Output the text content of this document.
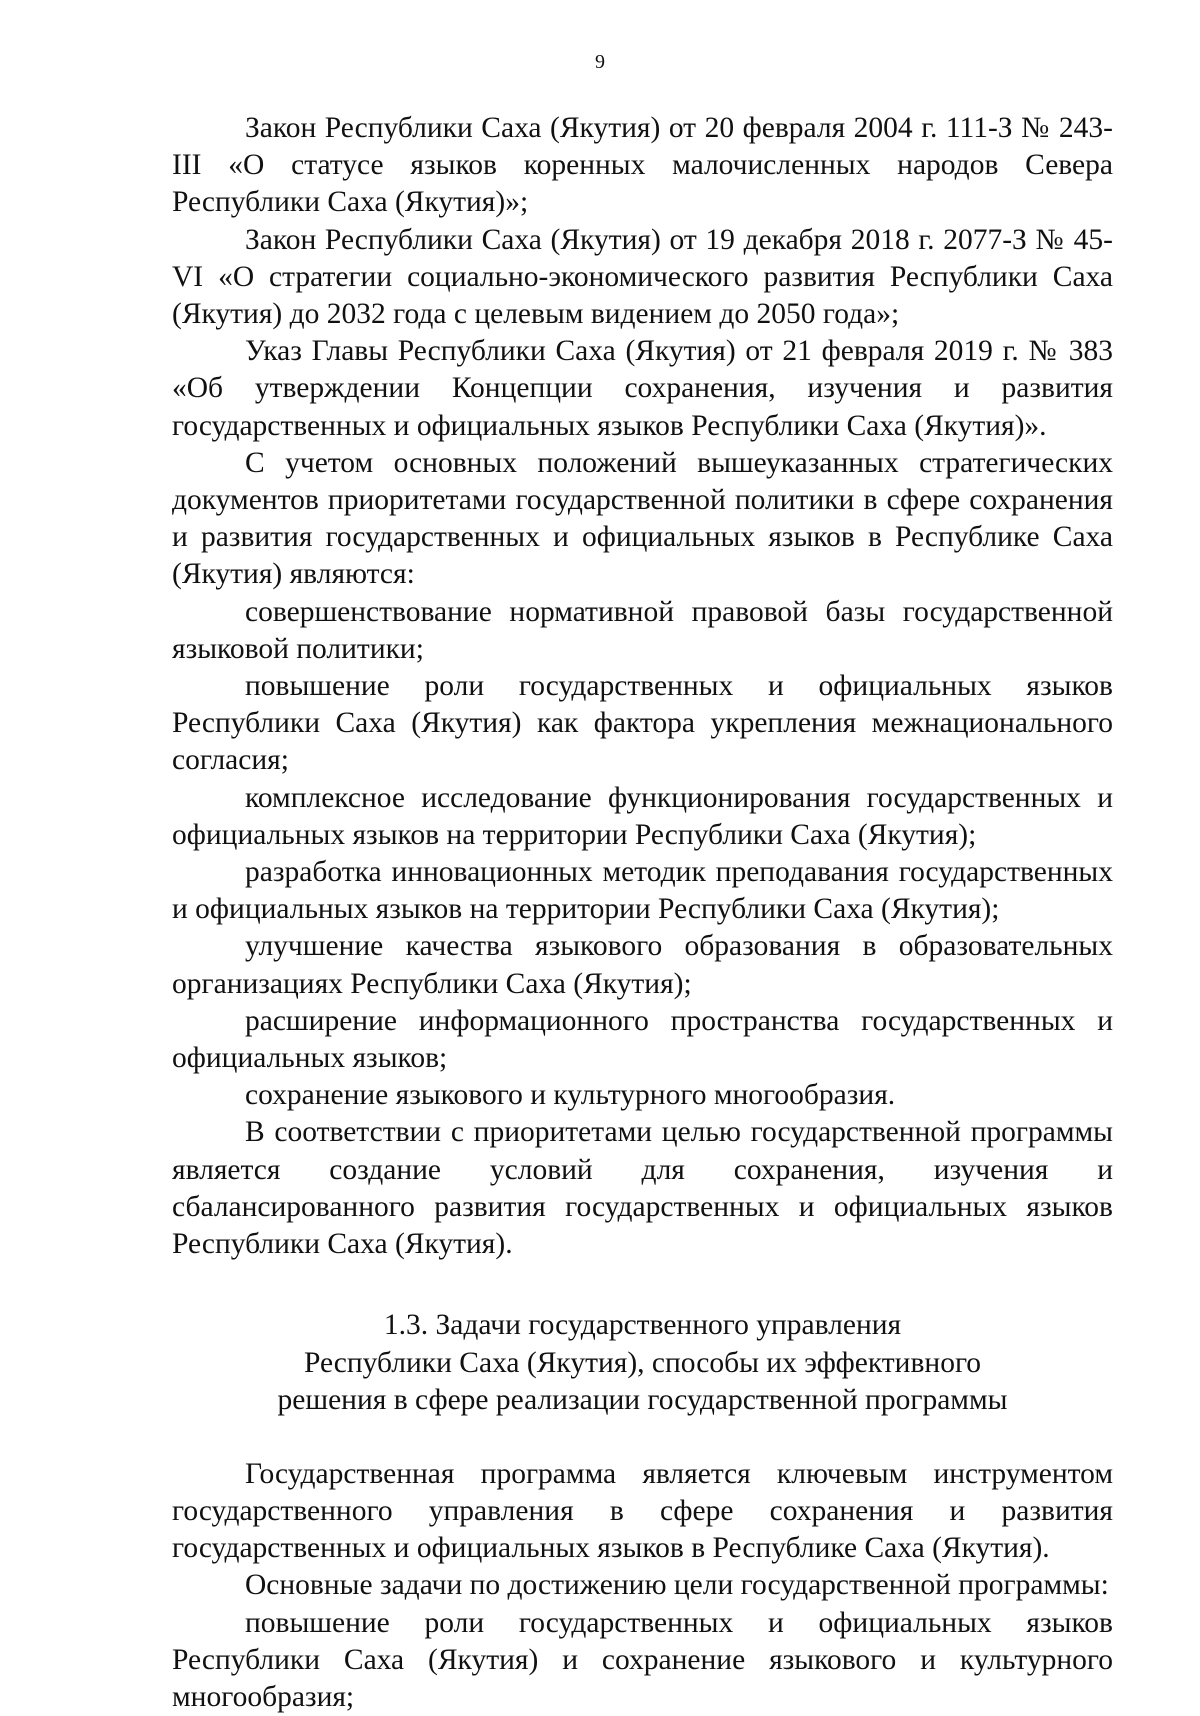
9

Закон Республики Саха (Якутия) от 20 февраля 2004 г. 111-З № 243-III «О статусе языков коренных малочисленных народов Севера Республики Саха (Якутия)»;

Закон Республики Саха (Якутия) от 19 декабря 2018 г. 2077-З № 45-VI «О стратегии социально-экономического развития Республики Саха (Якутия) до 2032 года с целевым видением до 2050 года»;

Указ Главы Республики Саха (Якутия) от 21 февраля 2019 г. № 383 «Об утверждении Концепции сохранения, изучения и развития государственных и официальных языков Республики Саха (Якутия)».

С учетом основных положений вышеуказанных стратегических документов приоритетами государственной политики в сфере сохранения и развития государственных и официальных языков в Республике Саха (Якутия) являются:

совершенствование нормативной правовой базы государственной языковой политики;

повышение роли государственных и официальных языков Республики Саха (Якутия) как фактора укрепления межнационального согласия;

комплексное исследование функционирования государственных и официальных языков на территории Республики Саха (Якутия);

разработка инновационных методик преподавания государственных и официальных языков на территории Республики Саха (Якутия);

улучшение качества языкового образования в образовательных организациях Республики Саха (Якутия);

расширение информационного пространства государственных и официальных языков;

сохранение языкового и культурного многообразия.

В соответствии с приоритетами целью государственной программы является создание условий для сохранения, изучения и сбалансированного развития государственных и официальных языков Республики Саха (Якутия).

1.3. Задачи государственного управления

Республики Саха (Якутия), способы их эффективного

решения в сфере реализации государственной программы

Государственная программа является ключевым инструментом государственного управления в сфере сохранения и развития государственных и официальных языков в Республике Саха (Якутия).

Основные задачи по достижению цели государственной программы:

повышение роли государственных и официальных языков Республики Саха (Якутия) и сохранение языкового и культурного многообразия;
